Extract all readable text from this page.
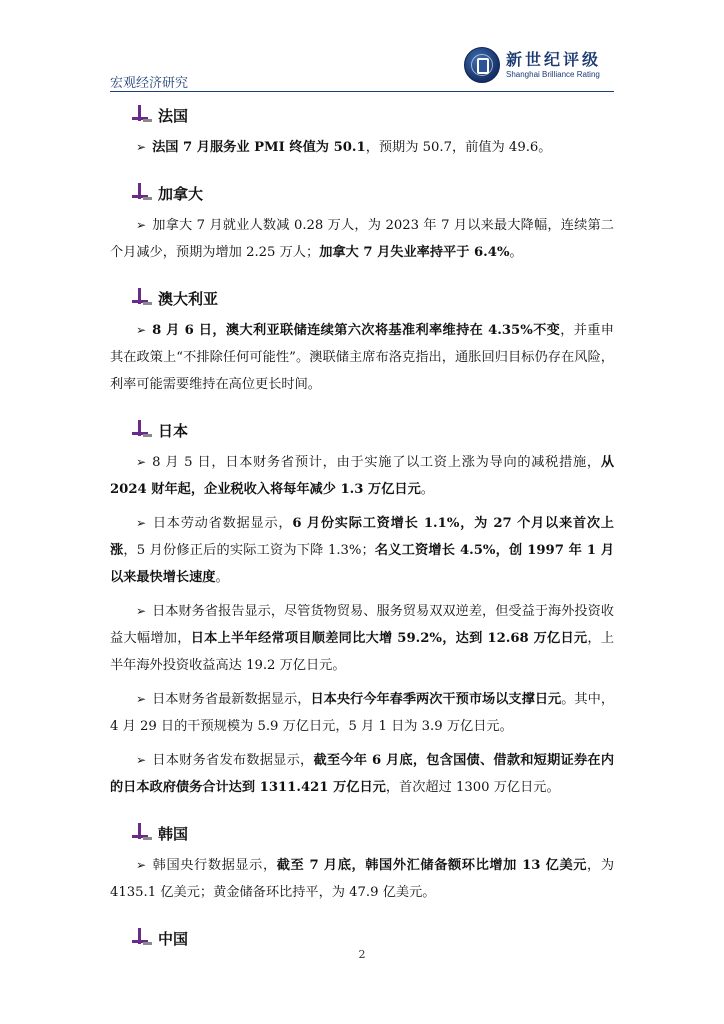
宏观经济研究
新世纪评级
Shanghai Brilliance Rating
法国

➢ 法国 7 月服务业 PMI 终值为 50.1，预期为 50.7，前值为 49.6。

加拿大

➢ 加拿大 7 月就业人数减 0.28 万人，为 2023 年 7 月以来最大降幅，连续第二个月减少，预期为增加 2.25 万人；加拿大 7 月失业率持平于 6.4%。

澳大利亚

➢ 8 月 6 日，澳大利亚联储连续第六次将基准利率维持在 4.35%不变，并重申其在政策上“不排除任何可能性”。澳联储主席布洛克指出，通胀回归目标仍存在风险，利率可能需要维持在高位更长时间。

日本

➢ 8 月 5 日，日本财务省预计，由于实施了以工资上涨为导向的减税措施，从 2024 财年起，企业税收入将每年减少 1.3 万亿日元。

➢ 日本劳动省数据显示，6 月份实际工资增长 1.1%，为 27 个月以来首次上涨，5 月份修正后的实际工资为下降 1.3%；名义工资增长 4.5%，创 1997 年 1 月以来最快增长速度。

➢ 日本财务省报告显示，尽管货物贸易、服务贸易双双逆差，但受益于海外投资收益大幅增加，日本上半年经常项目顺差同比大增 59.2%，达到 12.68 万亿日元，上半年海外投资收益高达 19.2 万亿日元。

➢ 日本财务省最新数据显示，日本央行今年春季两次干预市场以支撑日元。其中，4 月 29 日的干预规模为 5.9 万亿日元，5 月 1 日为 3.9 万亿日元。

➢ 日本财务省发布数据显示，截至今年 6 月底，包含国债、借款和短期证券在内的日本政府债务合计达到 1311.421 万亿日元，首次超过 1300 万亿日元。

韩国

➢ 韩国央行数据显示，截至 7 月底，韩国外汇储备额环比增加 13 亿美元，为 4135.1 亿美元；黄金储备环比持平，为 47.9 亿美元。

中国
2
